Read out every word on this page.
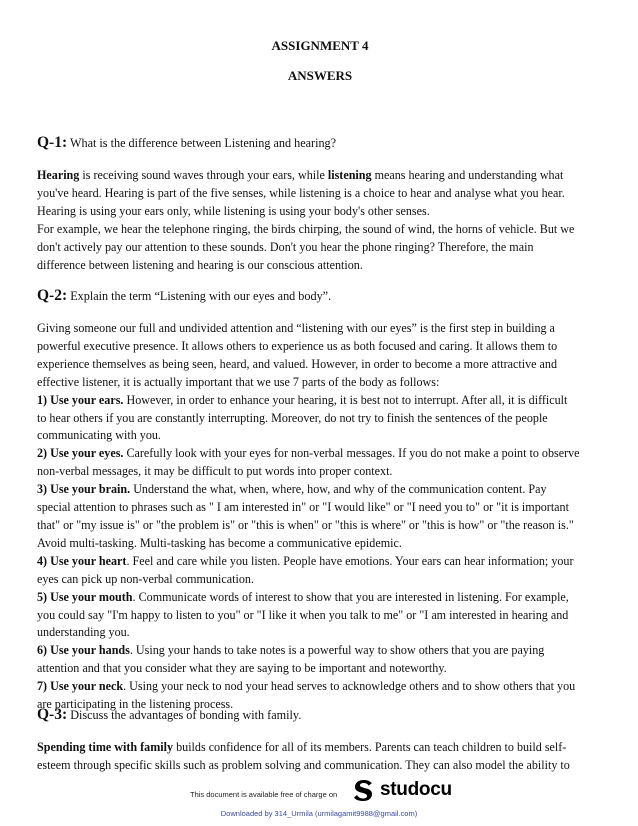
ASSIGNMENT 4
ANSWERS
Q-1: What is the difference between Listening and hearing?
Hearing is receiving sound waves through your ears, while listening means hearing and understanding what
you've heard. Hearing is part of the five senses, while listening is a choice to hear and analyse what you hear.
Hearing is using your ears only, while listening is using your body's other senses.
For example, we hear the telephone ringing, the birds chirping, the sound of wind, the horns of vehicle. But we
don't actively pay our attention to these sounds. Don't you hear the phone ringing? Therefore, the main
difference between listening and hearing is our conscious attention.
Q-2: Explain the term “Listening with our eyes and body”.
Giving someone our full and undivided attention and “listening with our eyes” is the first step in building a
powerful executive presence. It allows others to experience us as both focused and caring. It allows them to
experience themselves as being seen, heard, and valued. However, in order to become a more attractive and
effective listener, it is actually important that we use 7 parts of the body as follows:
1) Use your ears. However, in order to enhance your hearing, it is best not to interrupt. After all, it is difficult
to hear others if you are constantly interrupting. Moreover, do not try to finish the sentences of the people
communicating with you.
2) Use your eyes. Carefully look with your eyes for non-verbal messages. If you do not make a point to observe
non-verbal messages, it may be difficult to put words into proper context.
3) Use your brain. Understand the what, when, where, how, and why of the communication content. Pay
special attention to phrases such as " I am interested in" or "I would like" or "I need you to" or "it is important
that" or "my issue is" or "the problem is" or "this is when" or "this is where" or "this is how" or "the reason is."
Avoid multi-tasking. Multi-tasking has become a communicative epidemic.
4) Use your heart. Feel and care while you listen. People have emotions. Your ears can hear information; your
eyes can pick up non-verbal communication.
5) Use your mouth. Communicate words of interest to show that you are interested in listening. For example,
you could say "I'm happy to listen to you" or "I like it when you talk to me" or "I am interested in hearing and
understanding you.
6) Use your hands. Using your hands to take notes is a powerful way to show others that you are paying
attention and that you consider what they are saying to be important and noteworthy.
7) Use your neck. Using your neck to nod your head serves to acknowledge others and to show others that you
are participating in the listening process.
Q-3: Discuss the advantages of bonding with family.
Spending time with family builds confidence for all of its members. Parents can teach children to build self-
esteem through specific skills such as problem solving and communication. They can also model the ability to
This document is available free of charge on studocu
Downloaded by 314_Urmila (urmilagamit9988@gmail.com)
